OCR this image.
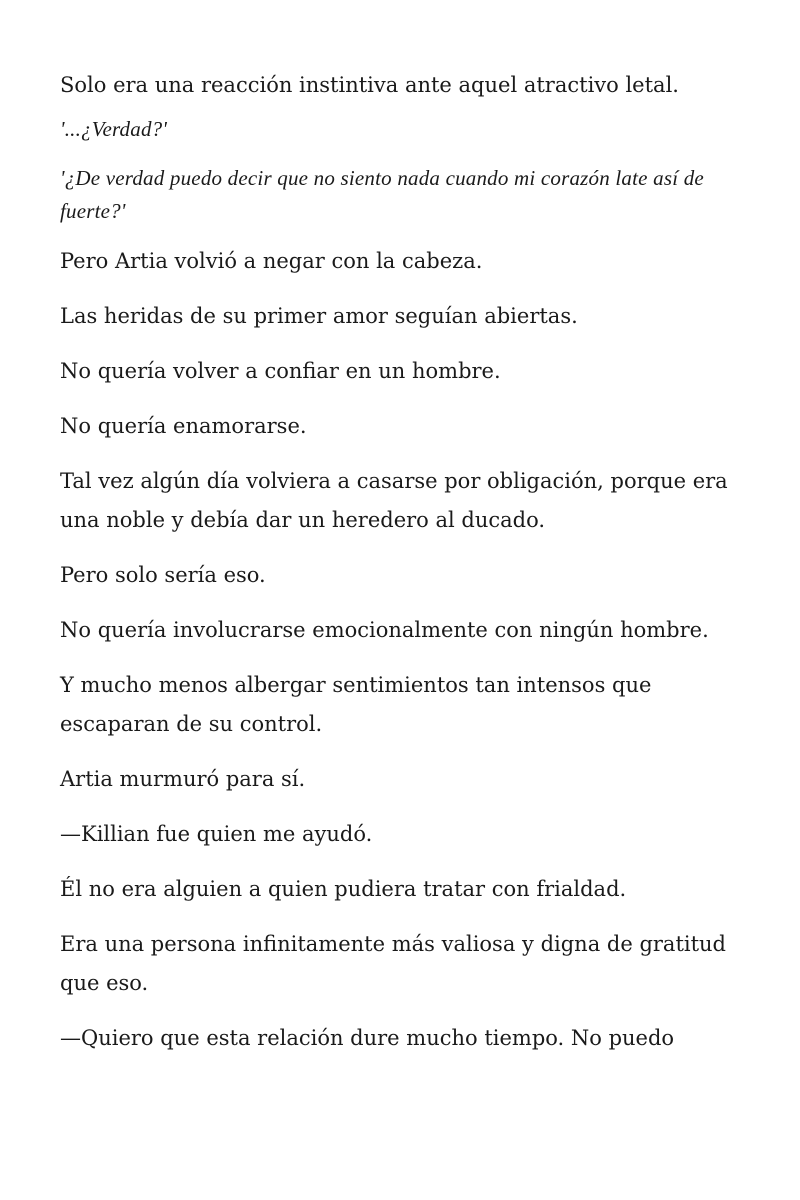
Solo era una reacción instintiva ante aquel atractivo letal.

'...¿Verdad?'

'¿De verdad puedo decir que no siento nada cuando mi corazón late así de fuerte?'

Pero Artia volvió a negar con la cabeza.

Las heridas de su primer amor seguían abiertas.

No quería volver a confiar en un hombre.

No quería enamorarse.

Tal vez algún día volviera a casarse por obligación, porque era una noble y debía dar un heredero al ducado.

Pero solo sería eso.

No quería involucrarse emocionalmente con ningún hombre.

Y mucho menos albergar sentimientos tan intensos que escaparan de su control.

Artia murmuró para sí.

—Killian fue quien me ayudó.

Él no era alguien a quien pudiera tratar con frialdad.

Era una persona infinitamente más valiosa y digna de gratitud que eso.

—Quiero que esta relación dure mucho tiempo. No puedo
